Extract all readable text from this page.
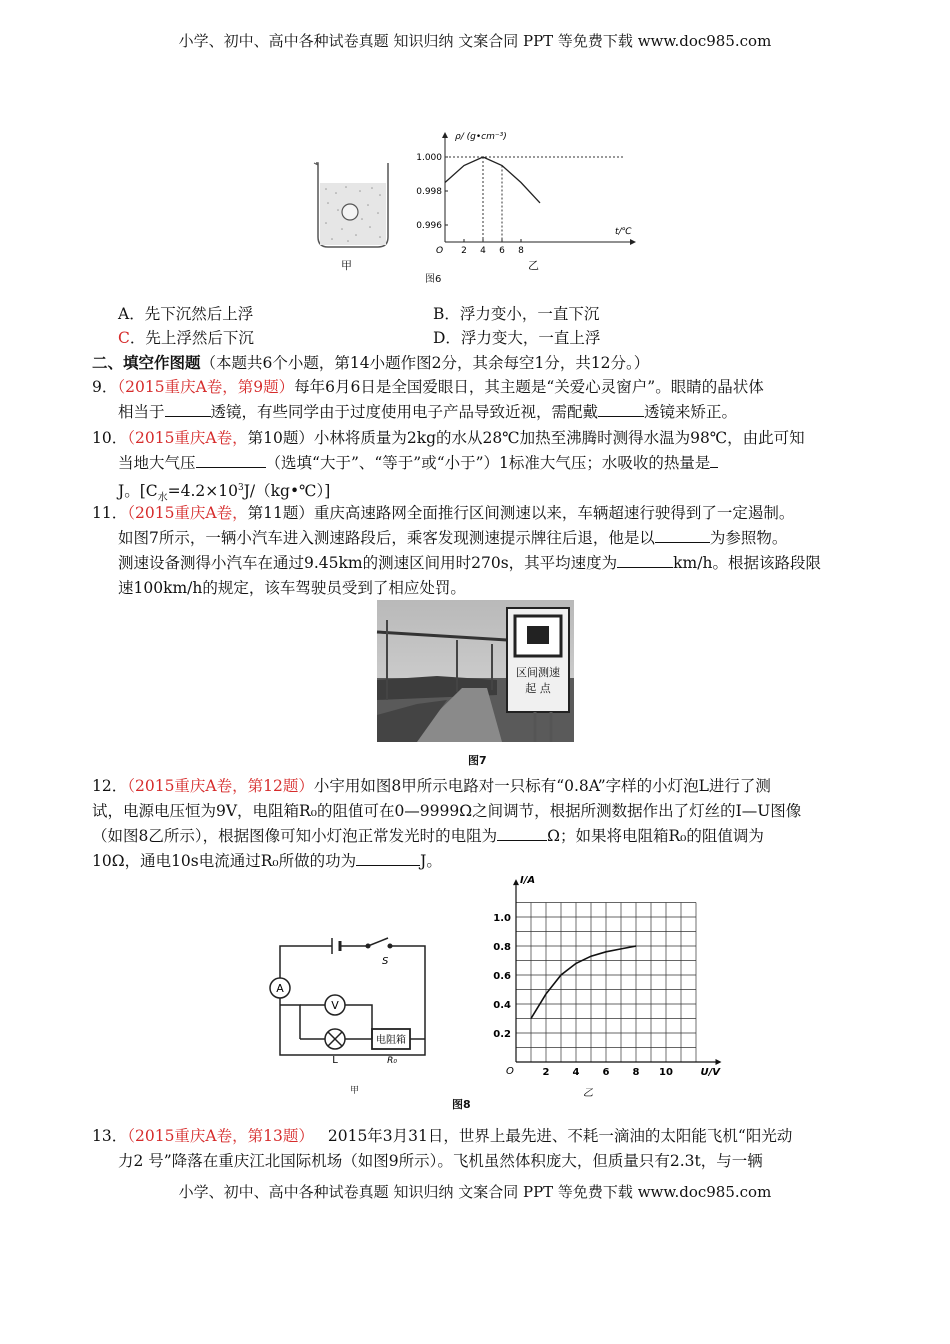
小学、初中、高中各种试卷真题 知识归纳 文案合同 PPT 等免费下载 www.doc985.com
小学、初中、高中各种试卷真题 知识归纳 文案合同 PPT 等免费下载 www.doc985.com
甲
ρ/ (g•cm⁻³)
t/℃
O 2 4 6 8
1.000
0.998
0.996
乙
图6
A．先下沉然后上浮	B．浮力变小，一直下沉
C．先上浮然后下沉	D．浮力变大，一直上浮
二、填空作图题（本题共6个小题，第14小题作图2分，其余每空1分，共12分。）
9．（2015重庆A卷，第9题）每年6月6日是全国爱眼日，其主题是“关爱心灵窗户”。眼睛的晶状体
相当于	透镜，有些同学由于过度使用电子产品导致近视，需配戴	透镜来矫正。
10．（2015重庆A卷，第10题）小林将质量为2kg的水从28℃加热至沸腾时测得水温为98℃，由此可知
当地大气压	（选填“大于”、“等于”或“小于”）1标准大气压；水吸收的热量是
J。$[C_水=4.2\times 10^3J/(kg•℃)]$
11．（2015重庆A卷，第11题）重庆高速路网全面推行区间测速以来，车辆超速行驶得到了一定遏制。
如图7所示，一辆小汽车进入测速路段后，乘客发现测速提示牌往后退，他是以	为参照物。
测速设备测得小汽车在通过9.45km的测速区间用时270s，其平均速度为	km/h。根据该路段限
速100km/h的规定，该车驾驶员受到了相应处罚。
区间测速
起 点
图7
12．（2015重庆A卷，第12题）小宇用如图8甲所示电路对一只标有“0.8A”字样的小灯泡L进行了测
试，电源电压恒为9V，电阻箱R₀的阻值可在0—9999Ω之间调节，根据所测数据作出了灯丝的I—U图像
（如图8乙所示），根据图像可知小灯泡正常发光时的电阻为	Ω；如果将电阻箱R₀的阻值调为
10Ω，通电10s电流通过R₀所做的功为	J。
S
A
V
L
电阻箱
R₀
甲
I/A
U/V
O	2 4 6 8 10
1.0
0.8
0.6
0.4
0.2
乙
图8
13．（2015重庆A卷，第13题） 2015年3月31日，世界上最先进、不耗一滴油的太阳能飞机“阳光动
力2 号”降落在重庆江北国际机场（如图9所示）。飞机虽然体积庞大，但质量只有2.3t，与一辆
